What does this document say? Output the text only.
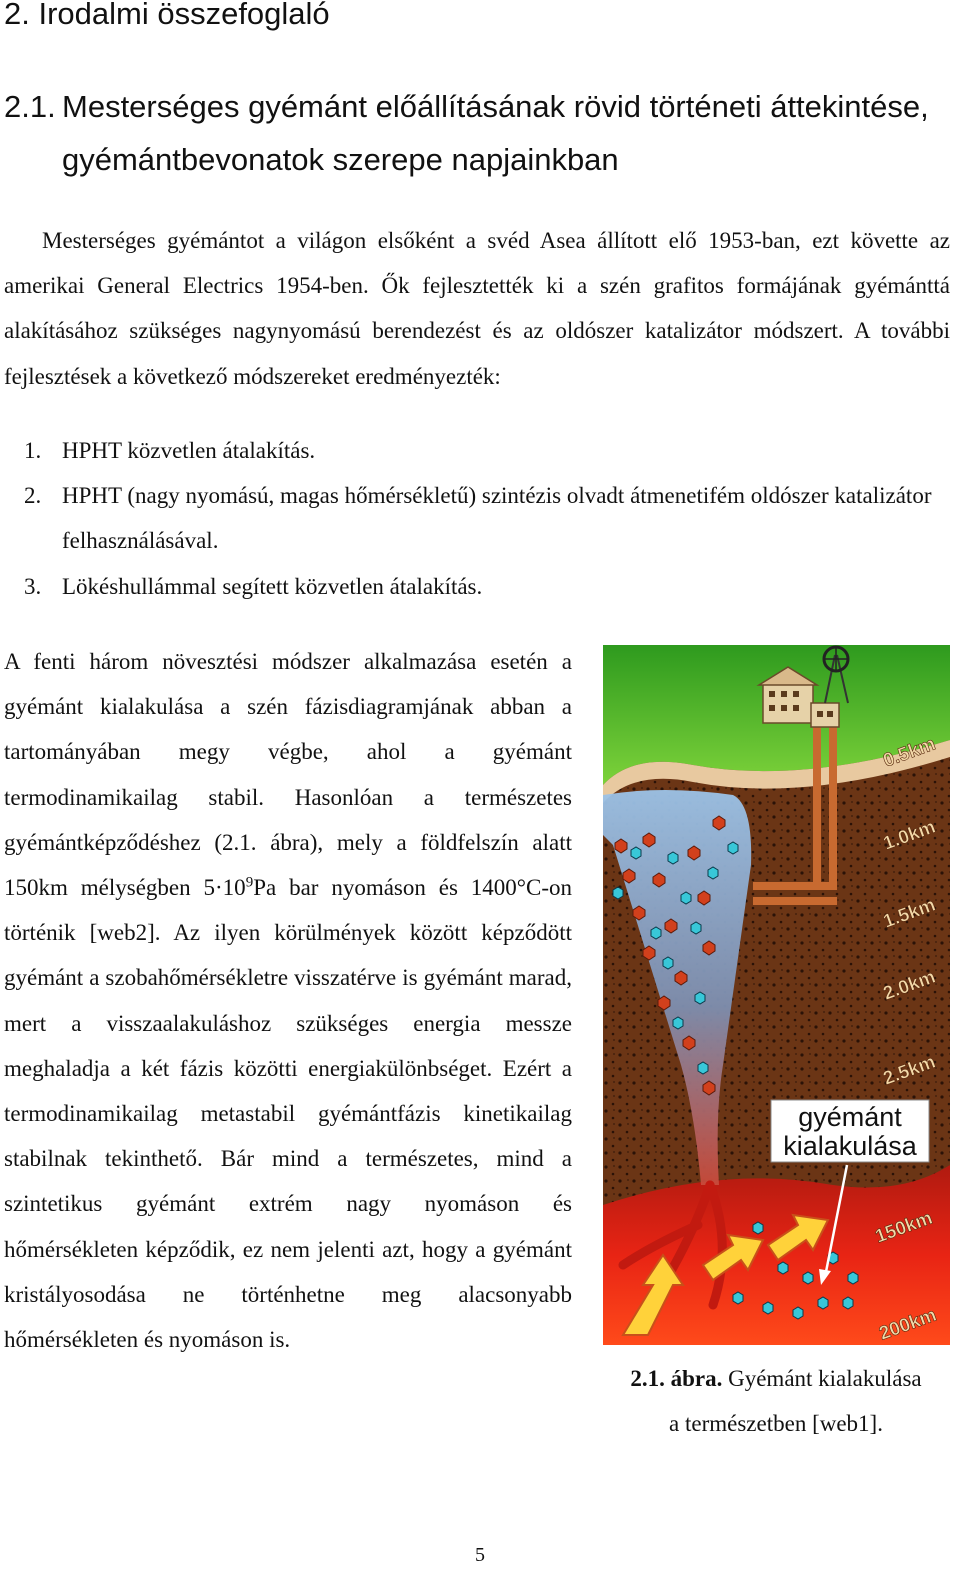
2. Irodalmi összefoglaló
2.1. Mesterséges gyémánt előállításának rövid történeti áttekintése,
gyémántbevonatok szerepe napjainkban
Mesterséges gyémántot a világon elsőként a svéd Asea állított elő 1953-ban, ezt követte az amerikai General Electrics 1954-ben. Ők fejlesztették ki a szén grafitos formájának gyémánttá alakításához szükséges nagynyomású berendezést és az oldószer katalizátor módszert. A további fejlesztések a következő módszereket eredményezték:
1. HPHT közvetlen átalakítás.
2. HPHT (nagy nyomású, magas hőmérsékletű) szintézis olvadt átmenetifém oldószer katalizátor felhasználásával.
3. Lökéshullámmal segített közvetlen átalakítás.
A fenti három növesztési módszer alkalmazása esetén a gyémánt kialakulása a szén fázisdiagramjának abban a tartományában megy végbe, ahol a gyémánt termodinamikailag stabil. Hasonlóan a természetes gyémántképződéshez (2.1. ábra), mely a földfelszín alatt 150km mélységben $5\cdot 10^9Pa$ bar nyomáson és 1400°C-on történik [web2]. Az ilyen körülmények között képződött gyémánt a szobahőmérsékletre visszatérve is gyémánt marad, mert a visszaalakuláshoz szükséges energia messze meghaladja a két fázis közötti energiakülönbséget. Ezért a termodinamikailag metastabil gyémántfázis kinetikailag stabilnak tekinthető. Bár mind a természetes, mind a szintetikus gyémánt extrém nagy nyomáson és hőmérsékleten képződik, ez nem jelenti azt, hogy a gyémánt kristályosodása ne történhetne meg alacsonyabb hőmérsékleten és nyomáson is.
0.5km
1.0km
1.5km
2.0km
2.5km
150km
200km
gyémánt
kialakulása
2.1. ábra. Gyémánt kialakulása
a természetben [web1].
5
